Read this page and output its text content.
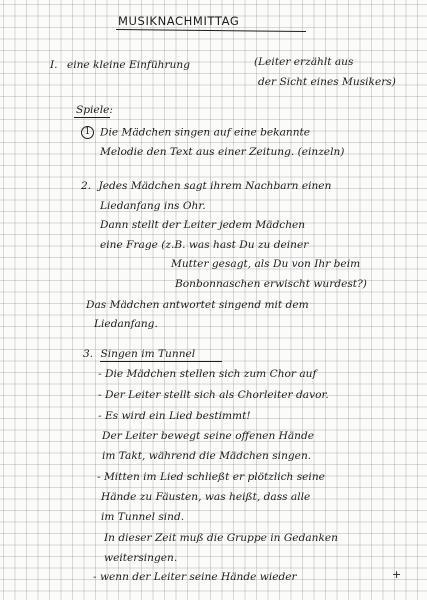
MUSIKNACHMITTAG
I. eine kleine Einführung	(Leiter erzählt aus
der Sicht eines Musikers)
Spiele:
1 Die Mädchen singen auf eine bekannte
Melodie den Text aus einer Zeitung. (einzeln)
2. Jedes Mädchen sagt ihrem Nachbarn einen
Liedanfang ins Ohr.
Dann stellt der Leiter jedem Mädchen
eine Frage (z.B. was hast Du zu deiner
Mutter gesagt, als Du von Ihr beim
Bonbonnaschen erwischt wurdest?)
Das Mädchen antwortet singend mit dem
Liedanfang.
3. Singen im Tunnel
- Die Mädchen stellen sich zum Chor auf
- Der Leiter stellt sich als Chorleiter davor.
- Es wird ein Lied bestimmt!
Der Leiter bewegt seine offenen Hände
im Takt, während die Mädchen singen.
- Mitten im Lied schließt er plötzlich seine
Hände zu Fäusten, was heißt, dass alle
im Tunnel sind.
In dieser Zeit muß die Gruppe in Gedanken
weitersingen.
- wenn der Leiter seine Hände wieder	+
